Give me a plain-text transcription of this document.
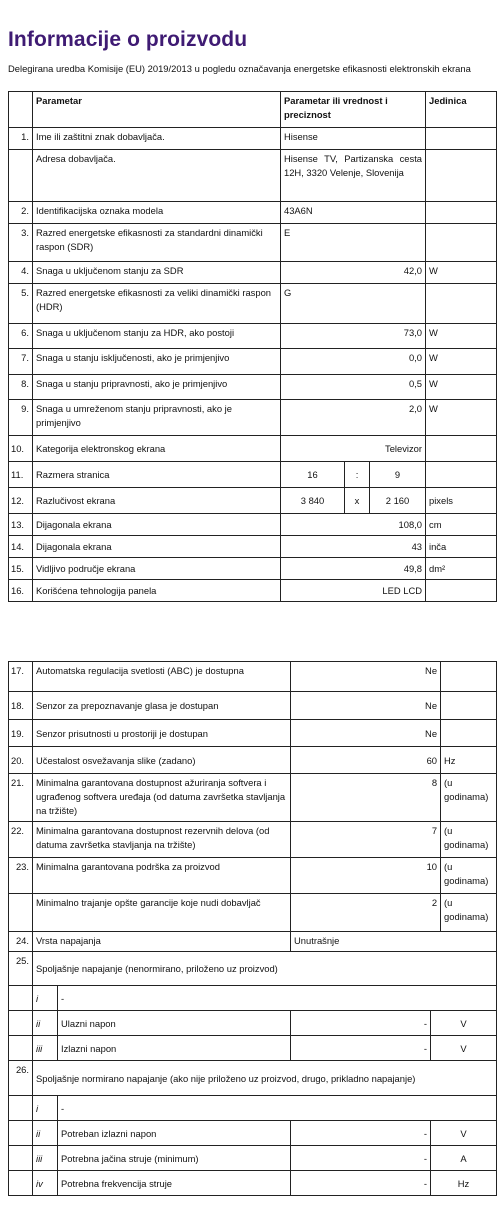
Informacije o proizvodu
Delegirana uredba Komisije (EU) 2019/2013 u pogledu označavanja energetske efikasnosti elektronskih ekrana
	Parametar	Parametar ili vrednost i preciznost			Jedinica
1.	Ime ili zaštitni znak dobavljača.	Hisense			
	Adresa dobavljača.	Hisense TV, Partizanska cesta 12H, 3320 Velenje, Slovenija			
2.	Identifikacijska oznaka modela	43A6N			
3.	Razred energetske efikasnosti za standardni dinamički raspon (SDR)	E			
4.	Snaga u uključenom stanju za SDR	42,0			W
5.	Razred energetske efikasnosti za veliki dinamički raspon (HDR)	G			
6.	Snaga u uključenom stanju za HDR, ako postoji	73,0			W
7.	Snaga u stanju isključenosti, ako je primjenjivo	0,0			W
8.	Snaga u stanju pripravnosti, ako je primjenjivo	0,5			W
9.	Snaga u umreženom stanju pripravnosti, ako je primjenjivo	2,0			W
10.	Kategorija elektronskog ekrana	Televizor			
11.	Razmera stranica	16	:	9	
12.	Razlučivost ekrana	3 840	x	2 160	pixels
13.	Dijagonala ekrana	108,0			cm
14.	Dijagonala ekrana	43			inča
15.	Vidljivo područje ekrana	49,8			dm²
16.	Korišćena tehnologija panela	LED LCD			
17.	Automatska regulacija svetlosti (ABC) je dostupna		Ne		
18.	Senzor za prepoznavanje glasa je dostupan		Ne		
19.	Senzor prisutnosti u prostoriji je dostupan		Ne		
20.	Učestalost osvežavanja slike (zadano)		60		Hz
21.	Minimalna garantovana dostupnost ažuriranja softvera i ugrađenog softvera uređaja (od datuma završetka stavljanja na tržište)		8		(u godinama)
22.	Minimalna garantovana dostupnost rezervnih delova (od datuma završetka stavljanja na tržište)		7		(u godinama)
23.	Minimalna garantovana podrška za proizvod		10		(u godinama)
	Minimalno trajanje opšte garancije koje nudi dobavljač		2		(u godinama)
24.	Vrsta napajanja		Unutrašnje		
25.	Spoljašnje napajanje (nenormirano, priloženo uz proizvod)				
	i	-			
	ii	Ulazni napon	-	V	
	iii	Izlazni napon	-	V	
26.	Spoljašnje normirano napajanje (ako nije priloženo uz proizvod, drugo, prikladno napajanje)				
	i	-			
	ii	Potreban izlazni napon	-	V	
	iii	Potrebna jačina struje (minimum)	-	A	
	iv	Potrebna frekvencija struje	-	Hz	
